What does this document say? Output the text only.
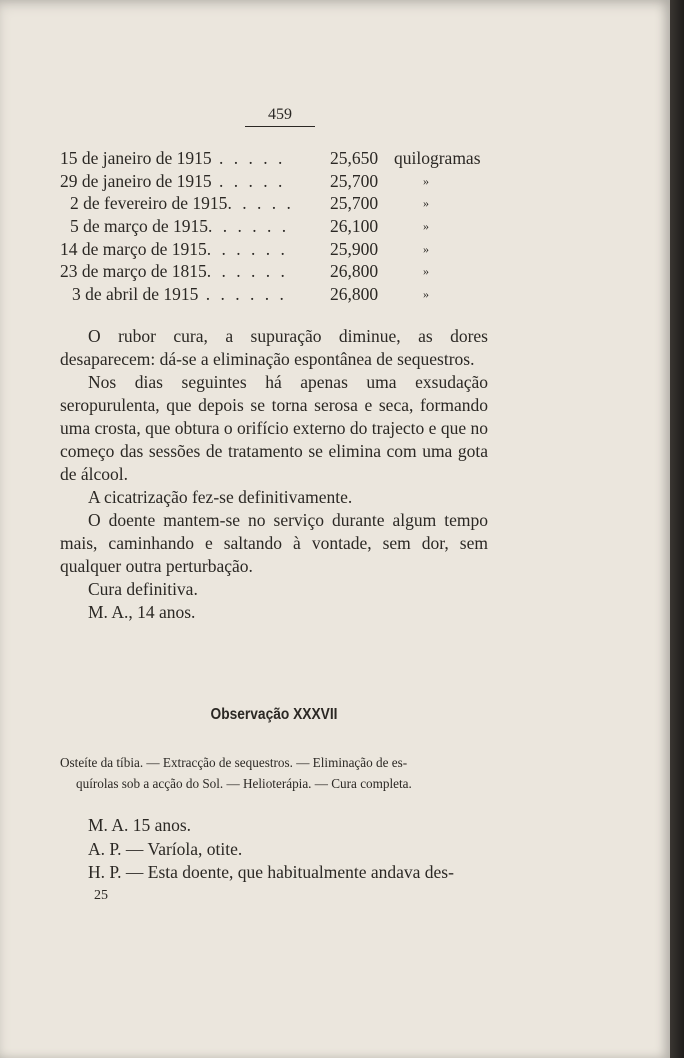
459
15 de janeiro de 1915 . . . . .	25,650 quilogramas
29 de janeiro de 1915 . . . . .	25,700	»
2 de fevereiro de 1915. . . . .	25,700	»
5 de março de 1915. . . . . .	26,100	»
14 de março de 1915. . . . . .	25,900	»
23 de março de 1815. . . . . .	26,800	»
3 de abril de 1915 . . . . . .	26,800	»

O rubor cura, a supuração diminue, as dores desaparecem: dá-se a eliminação espontânea de sequestros.

Nos dias seguintes há apenas uma exsudação seropurulenta, que depois se torna serosa e seca, formando uma crosta, que obtura o orifício externo do trajecto e que no começo das sessões de tratamento se elimina com uma gota de álcool.

A cicatrização fez-se definitivamente.

O doente mantem-se no serviço durante algum tempo mais, caminhando e saltando à vontade, sem dor, sem qualquer outra perturbação.

Cura definitiva.

M. A., 14 anos.

Observação XXXVII

Osteíte da tíbia. — Extracção de sequestros. — Eliminação de es-

quírolas sob a acção do Sol. — Helioterápia. — Cura completa.

M. A. 15 anos.
A. P. — Varíola, otite.
H. P. — Esta doente, que habitualmente andava des-
25
